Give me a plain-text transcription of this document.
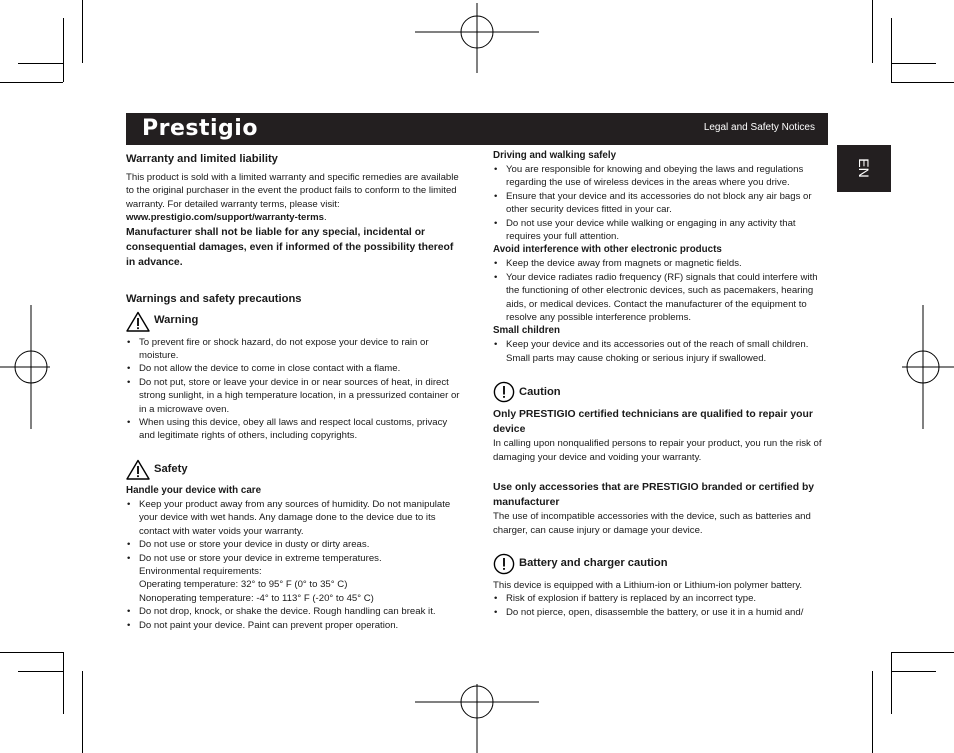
Prestigio	Legal and Safety Notices
EN
Warranty and limited liability

This product is sold with a limited warranty and specific remedies are available to the original purchaser in the event the product fails to conform to the limited warranty. For detailed warranty terms, please visit: www.prestigio.com/support/warranty-terms.

Manufacturer shall not be liable for any special, incidental or consequential damages, even if informed of the possibility thereof in advance.

Warnings and safety precautions
Warning
• To prevent fire or shock hazard, do not expose your device to rain or moisture.
• Do not allow the device to come in close contact with a flame.
• Do not put, store or leave your device in or near sources of heat, in direct strong sunlight, in a high temperature location, in a pressurized container or in a microwave oven.
• When using this device, obey all laws and respect local customs, privacy and legitimate rights of others, including copyrights.
Safety
Handle your device with care
• Keep your product away from any sources of humidity. Do not manipulate your device with wet hands. Any damage done to the device due to its contact with water voids your warranty.
• Do not use or store your device in dusty or dirty areas.
• Do not use or store your device in extreme temperatures.
Environmental requirements:
Operating temperature: 32° to 95° F (0° to 35° C)
Nonoperating temperature: -4° to 113° F (-20° to 45° C)
• Do not drop, knock, or shake the device. Rough handling can break it.
• Do not paint your device. Paint can prevent proper operation.
Driving and walking safely
• You are responsible for knowing and obeying the laws and regulations regarding the use of wireless devices in the areas where you drive.
• Ensure that your device and its accessories do not block any air bags or other security devices fitted in your car.
• Do not use your device while walking or engaging in any activity that requires your full attention.
Avoid interference with other electronic products
• Keep the device away from magnets or magnetic fields.
• Your device radiates radio frequency (RF) signals that could interfere with the functioning of other electronic devices, such as pacemakers, hearing aids, or medical devices. Contact the manufacturer of the equipment to resolve any possible interference problems.
Small children
• Keep your device and its accessories out of the reach of small children. Small parts may cause choking or serious injury if swallowed.
Caution

Only PRESTIGIO certified technicians are qualified to repair your device

In calling upon nonqualified persons to repair your product, you run the risk of damaging your device and voiding your warranty.

Use only accessories that are PRESTIGIO branded or certified by manufacturer

The use of incompatible accessories with the device, such as batteries and charger, can cause injury or damage your device.

Battery and charger caution

This device is equipped with a Lithium-ion or Lithium-ion polymer battery.

• Risk of explosion if battery is replaced by an incorrect type.
• Do not pierce, open, disassemble the battery, or use it in a humid and/
